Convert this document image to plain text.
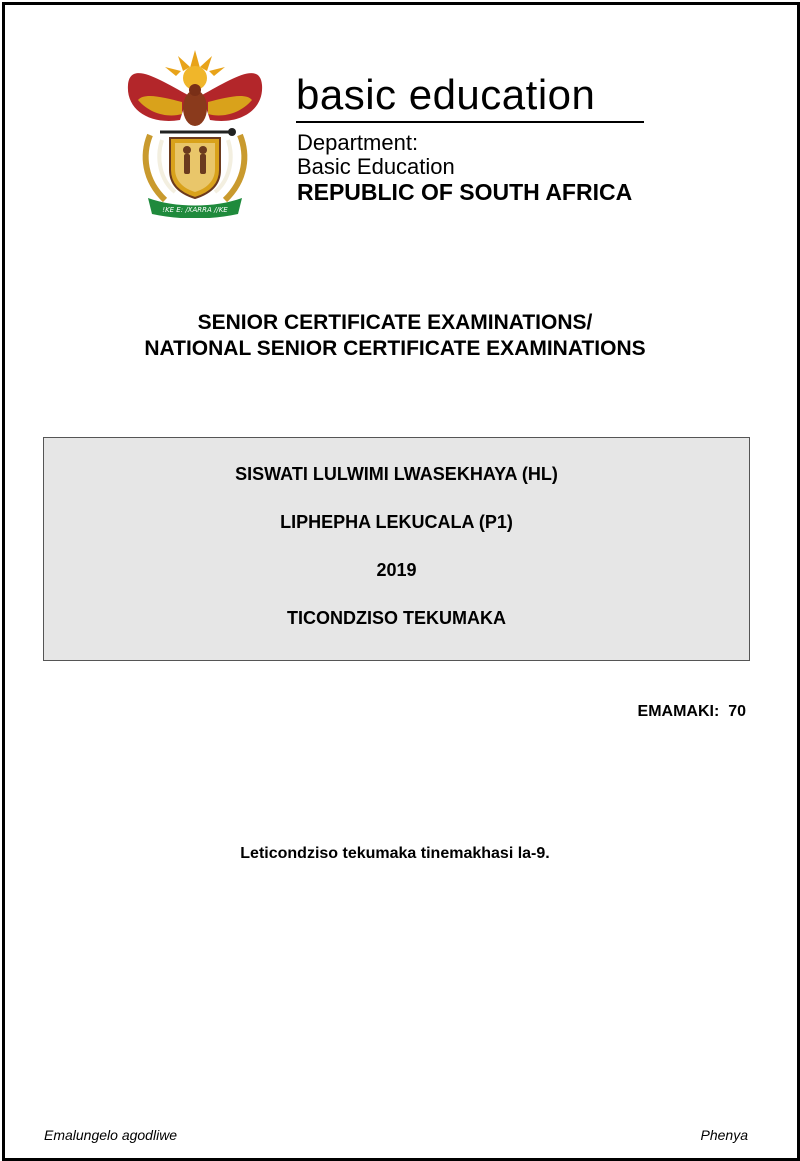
!KE E: /XARRA //KE
basic education
Department:
Basic Education
REPUBLIC OF SOUTH AFRICA
SENIOR CERTIFICATE EXAMINATIONS/
NATIONAL SENIOR CERTIFICATE EXAMINATIONS
SISWATI LULWIMI LWASEKHAYA (HL)
LIPHEPHA LEKUCALA (P1)
2019
TICONDZISO TEKUMAKA
EMAMAKI: 70
Leticondziso tekumaka tinemakhasi la-9.
Emalungelo agodliwe	Phenya
